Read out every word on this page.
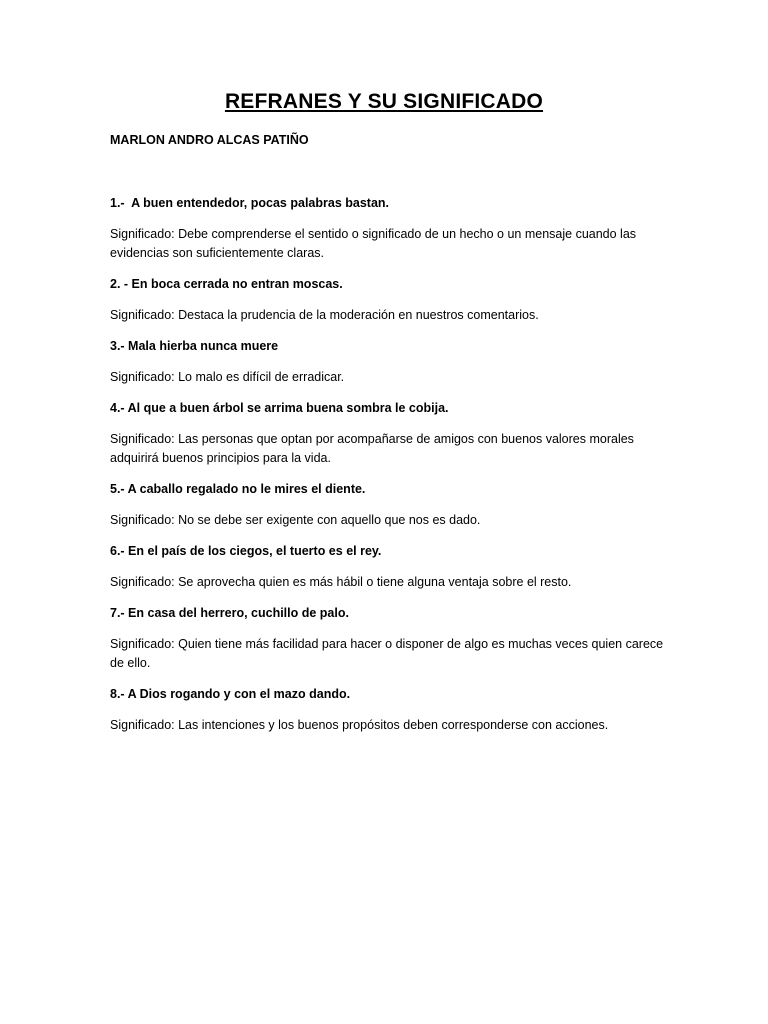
REFRANES Y SU SIGNIFICADO
MARLON ANDRO ALCAS PATIÑO

1.-  A buen entendedor, pocas palabras bastan.

Significado: Debe comprenderse el sentido o significado de un hecho o un mensaje cuando las evidencias son suficientemente claras.

2. - En boca cerrada no entran moscas.

Significado: Destaca la prudencia de la moderación en nuestros comentarios.

3.- Mala hierba nunca muere

Significado: Lo malo es difícil de erradicar.

4.- Al que a buen árbol se arrima buena sombra le cobija.

Significado: Las personas que optan por acompañarse de amigos con buenos valores morales adquirirá buenos principios para la vida.

5.- A caballo regalado no le mires el diente.

Significado: No se debe ser exigente con aquello que nos es dado.

6.- En el país de los ciegos, el tuerto es el rey.

Significado: Se aprovecha quien es más hábil o tiene alguna ventaja sobre el resto.

7.- En casa del herrero, cuchillo de palo.

Significado: Quien tiene más facilidad para hacer o disponer de algo es muchas veces quien carece de ello.

8.- A Dios rogando y con el mazo dando.

Significado: Las intenciones y los buenos propósitos deben corresponderse con acciones.
